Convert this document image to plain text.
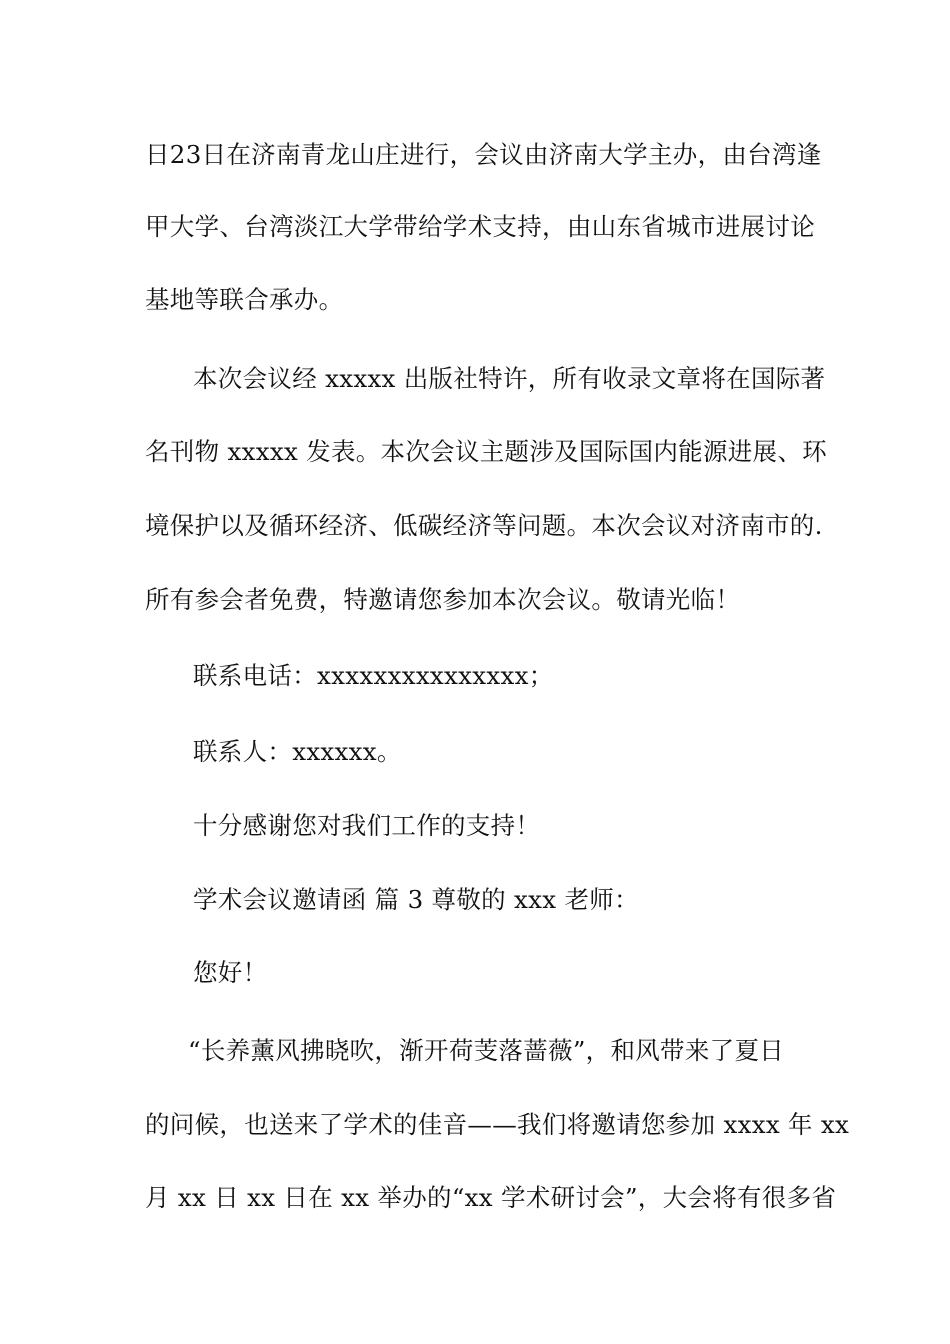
日23日在济南青龙山庄进行，会议由济南大学主办，由台湾逢
甲大学、台湾淡江大学带给学术支持，由山东省城市进展讨论
基地等联合承办。
本次会议经 xxxxx 出版社特许，所有收录文章将在国际著
名刊物 xxxxx 发表。本次会议主题涉及国际国内能源进展、环
境保护以及循环经济、低碳经济等问题。本次会议对济南市的.
所有参会者免费，特邀请您参加本次会议。敬请光临！
联系电话：xxxxxxxxxxxxxxx；
联系人：xxxxxx。
十分感谢您对我们工作的支持！
学术会议邀请函 篇 3 尊敬的 xxx 老师：
您好！
“长养薰风拂晓吹，渐开荷芰落蔷薇”，和风带来了夏日
的问候，也送来了学术的佳音——我们将邀请您参加 xxxx 年 xx
月 xx 日 xx 日在 xx 举办的“xx 学术研讨会”，大会将有很多省
